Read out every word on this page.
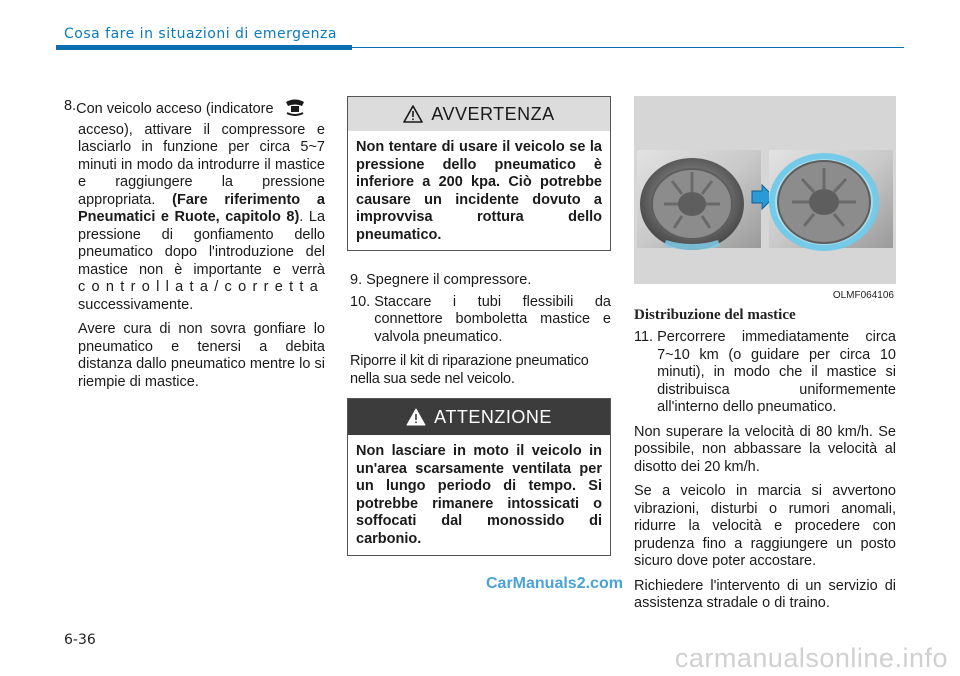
Cosa fare in situazioni di emergenza
8. Con veicolo acceso (indicatore
acceso), attivare il compressore e lasciarlo in funzione per circa 5~7 minuti in modo da introdurre il mastice e raggiungere la pressione appropriata. (Fare riferimento a Pneumatici e Ruote, capitolo 8). La pressione di gonfiamento dello pneumatico dopo l'introduzione del mastice non è importante e verrà controllata/corretta successivamente.
Avere cura di non sovra gonfiare lo pneumatico e tenersi a debita distanza dallo pneumatico mentre lo si riempie di mastice.
AVVERTENZA
Non tentare di usare il veicolo se la pressione dello pneumatico è inferiore a 200 kpa. Ciò potrebbe causare un incidente dovuto a improvvisa rottura dello pneumatico.
9. Spegnere il compressore.
10. Staccare i tubi flessibili da connettore bomboletta mastice e valvola pneumatico.
Riporre il kit di riparazione pneumatico nella sua sede nel veicolo.
ATTENZIONE
Non lasciare in moto il veicolo in un'area scarsamente ventilata per un lungo periodo di tempo. Si potrebbe rimanere intossicati o soffocati dal monossido di carbonio.
OLMF064106
Distribuzione del mastice
11. Percorrere immediatamente circa 7~10 km (o guidare per circa 10 minuti), in modo che il mastice si distribuisca uniformemente all'interno dello pneumatico.
Non superare la velocità di 80 km/h. Se possibile, non abbassare la velocità al disotto dei 20 km/h.
Se a veicolo in marcia si avvertono vibrazioni, disturbi o rumori anomali, ridurre la velocità e procedere con prudenza fino a raggiungere un posto sicuro dove poter accostare.
Richiedere l'intervento di un servizio di assistenza stradale o di traino.
6-36
CarManuals2.com
carmanualsonline.info
